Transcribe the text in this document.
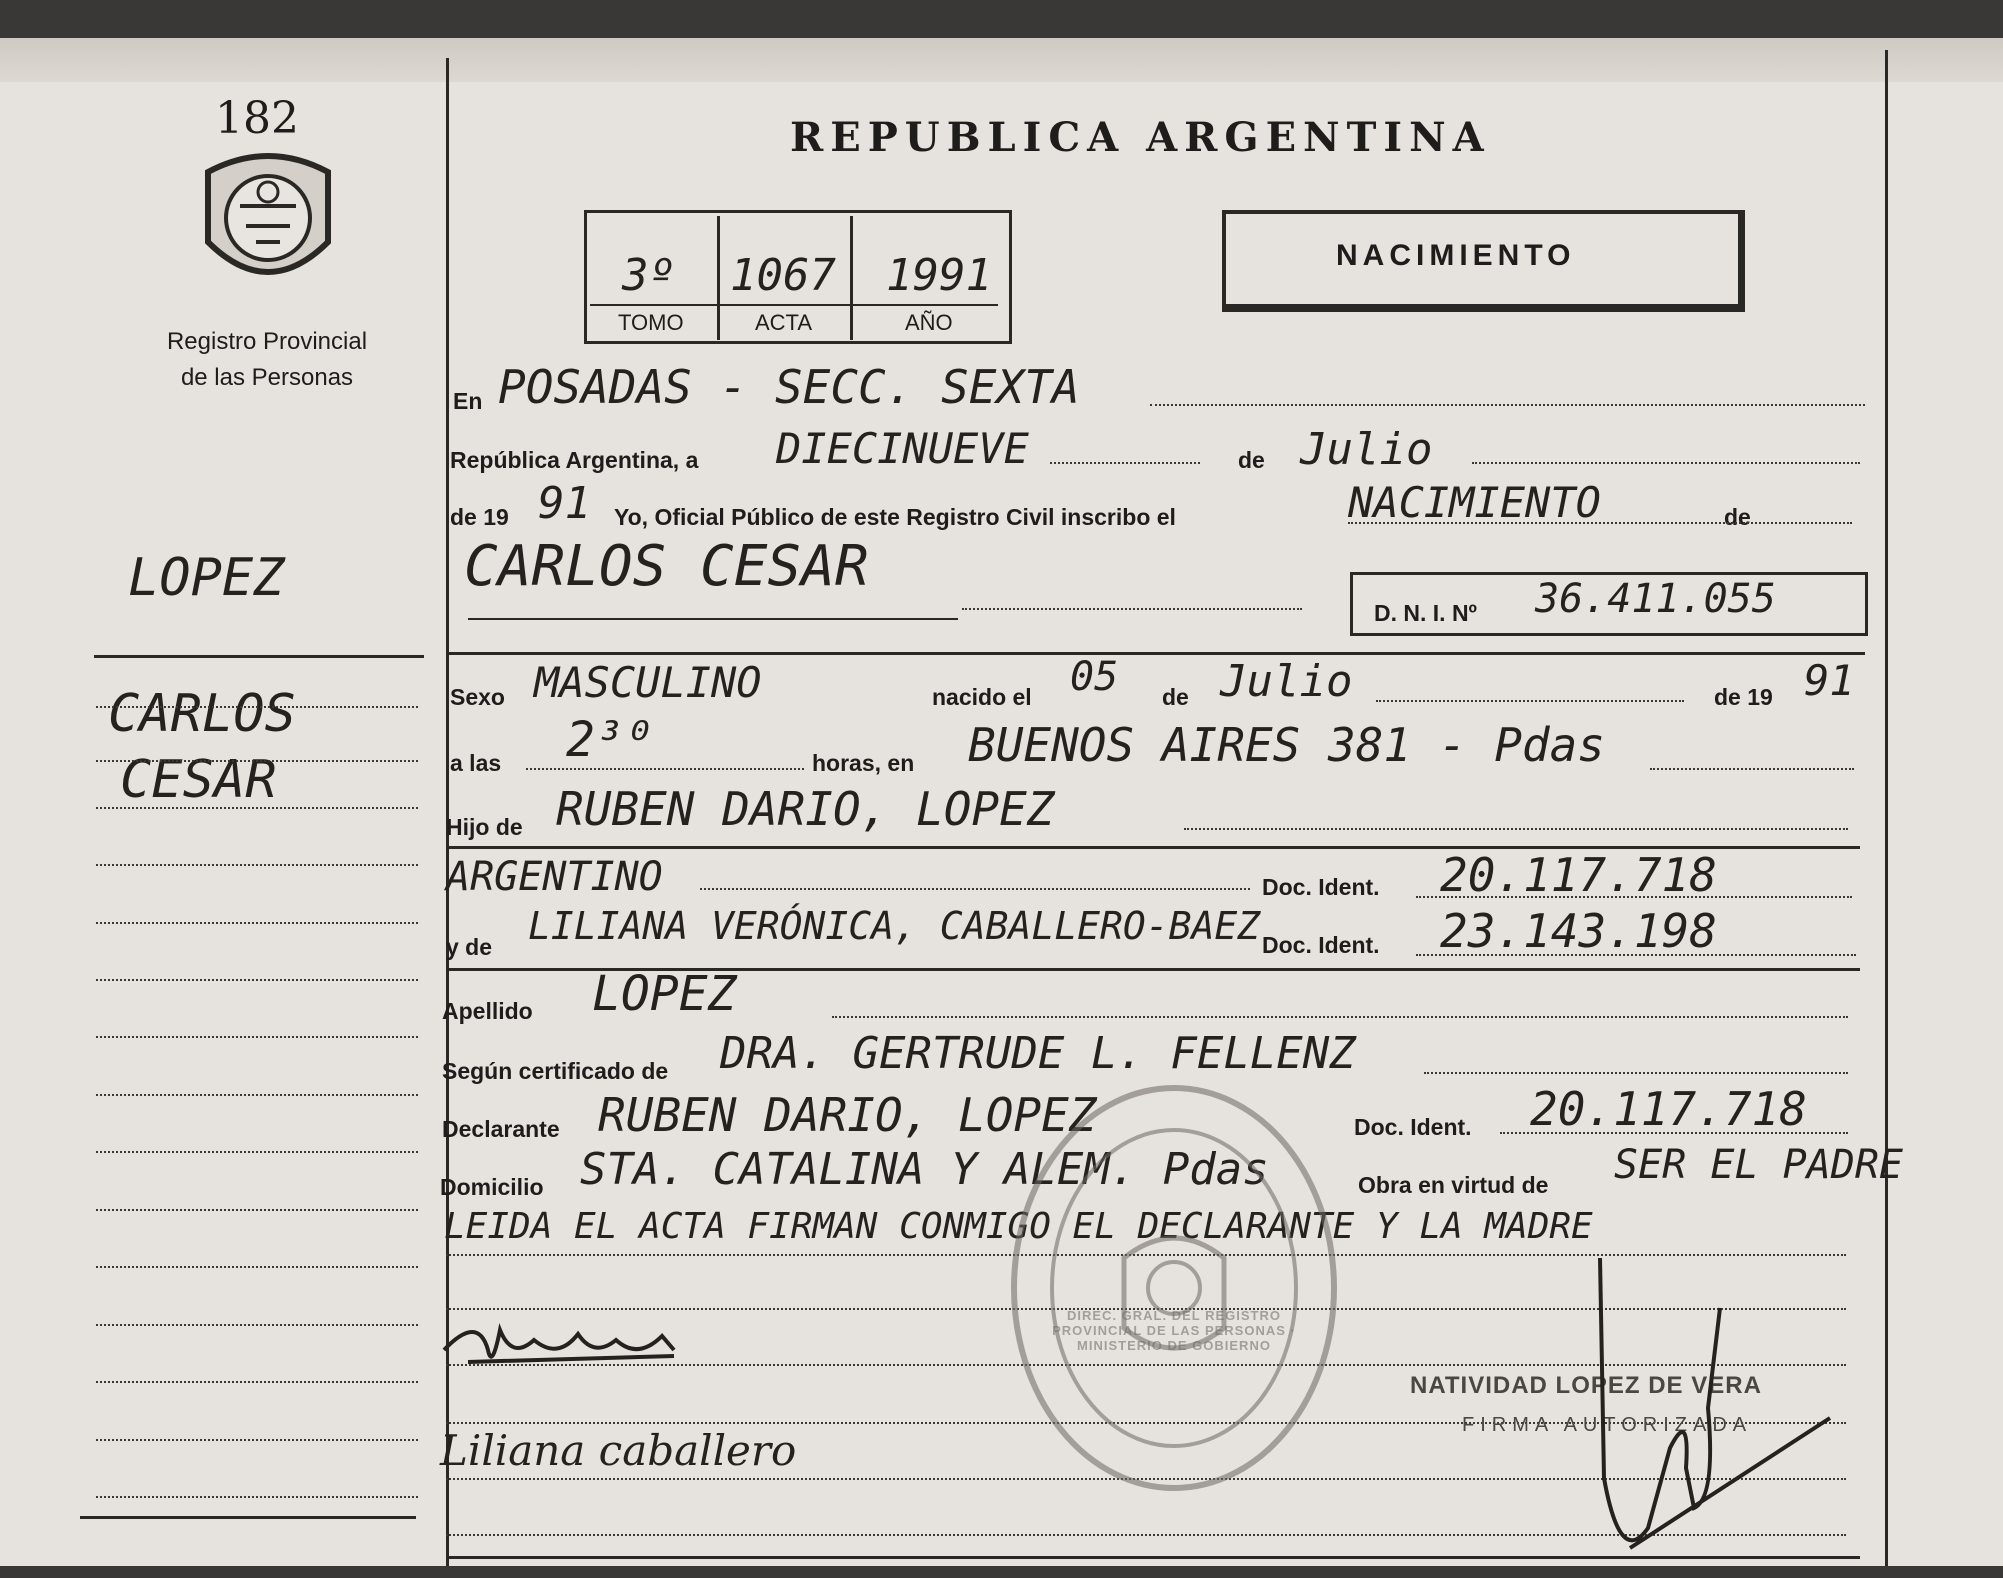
182
Registro Provincial
de las Personas
LOPEZ
CARLOS
CESAR
REPUBLICA ARGENTINA
3º 1067 1991
TOMO	ACTA	AÑO
NACIMIENTO
En POSADAS - SECC. SEXTA
República Argentina, a DIECINUEVE	de Julio
de 19 91 Yo, Oficial Público de este Registro Civil inscribo el	NACIMIENTO	de
CARLOS CESAR
D. N. I. Nº 36.411.055
Sexo MASCULINO	nacido el 05 de Julio	de 19 91
a las 2³⁰	horas, en BUENOS AIRES 381 - Pdas
Hijo de RUBEN DARIO, LOPEZ
ARGENTINO	Doc. Ident. 20.117.718
y de LILIANA VERÓNICA, CABALLERO-BAEZ Doc. Ident. 23.143.198
Apellido LOPEZ
Según certificado de DRA. GERTRUDE L. FELLENZ
Declarante RUBEN DARIO, LOPEZ	Doc. Ident. 20.117.718
Domicilio STA. CATALINA Y ALEM. Pdas	Obra en virtud de SER EL PADRE
LEIDA EL ACTA FIRMAN CONMIGO EL DECLARANTE Y LA MADRE
Liliana caballero
DIREC. GRAL. DEL REGISTRO PROVINCIAL DE LAS PERSONAS · MINISTERIO DE GOBIERNO
NATIVIDAD LOPEZ DE VERA
FIRMA AUTORIZADA
